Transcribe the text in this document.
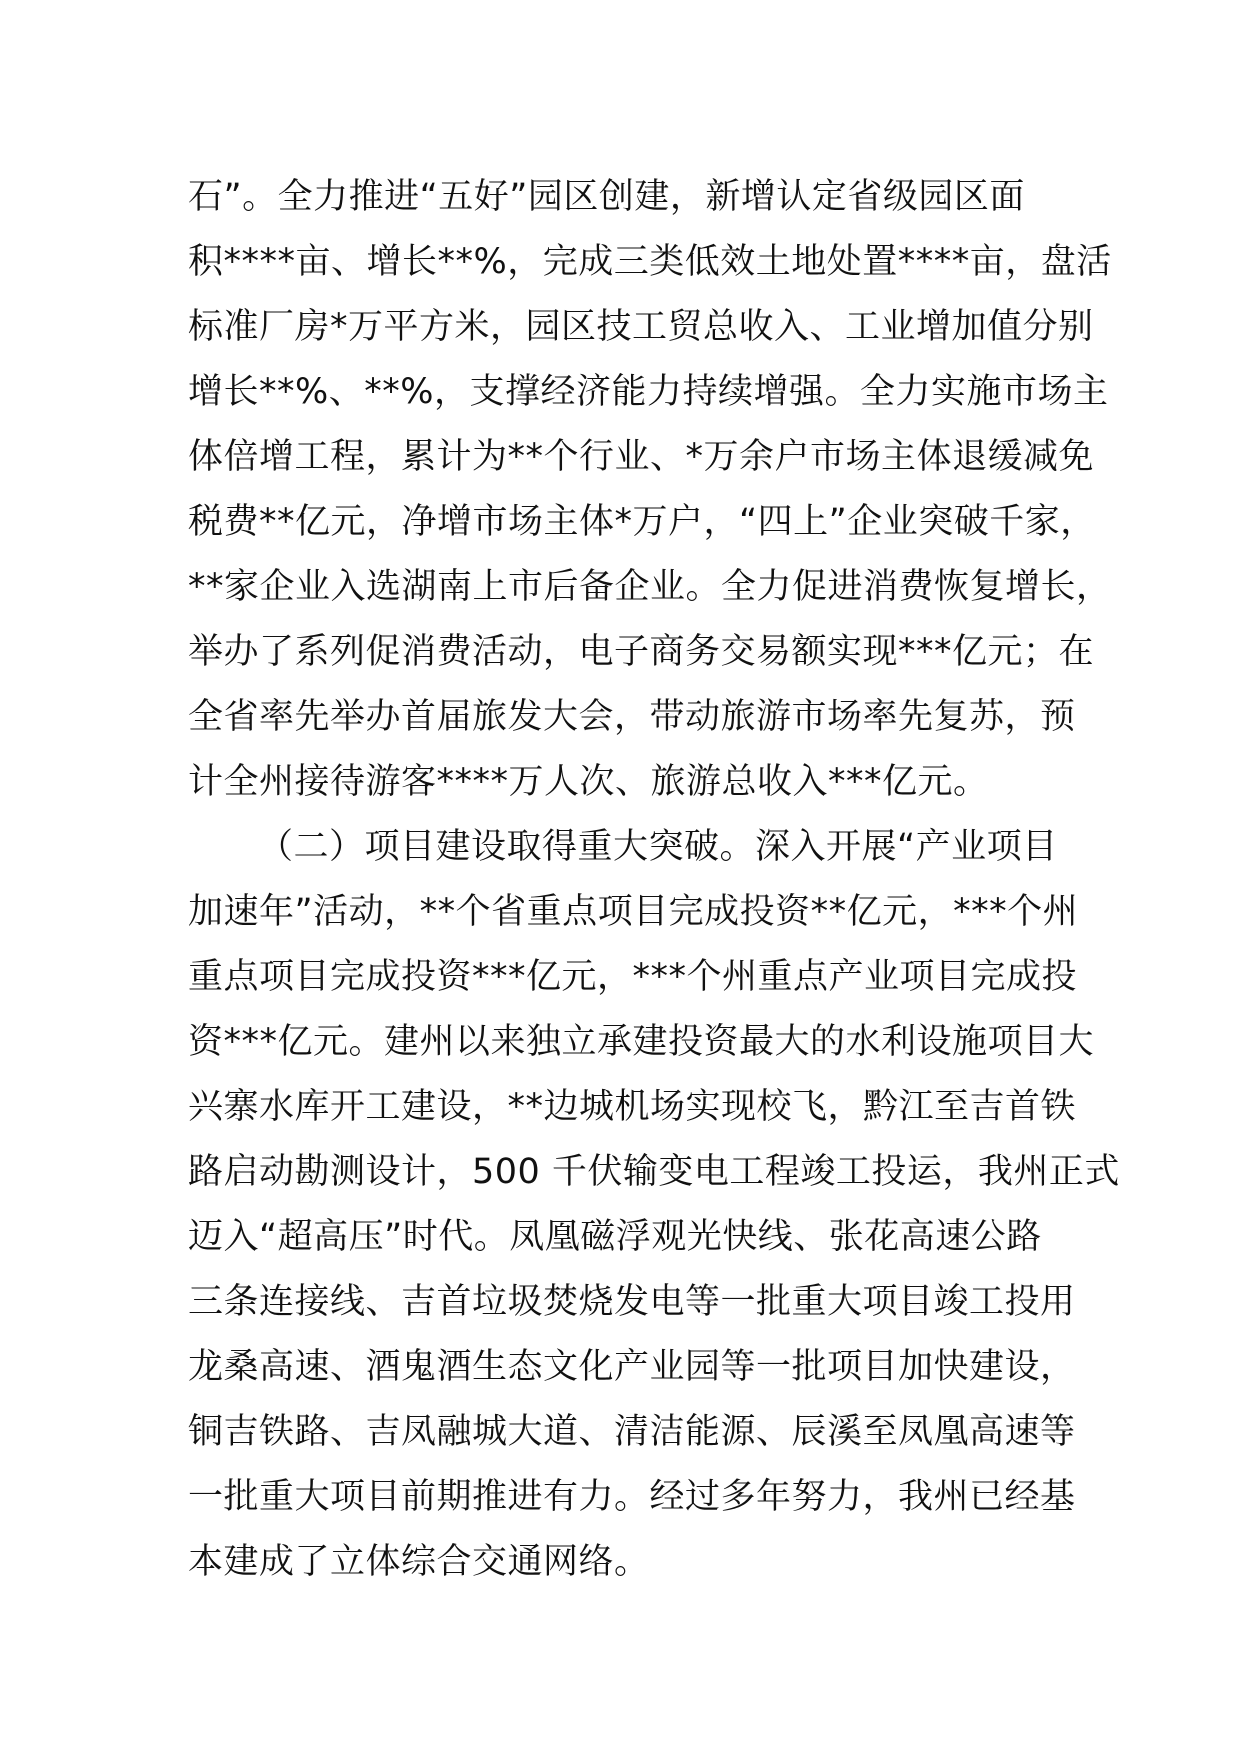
石”。全力推进“五好”园区创建，新增认定省级园区面
积****亩、增长**%，完成三类低效土地处置****亩，盘活
标准厂房*万平方米，园区技工贸总收入、工业增加值分别
增长**%、**%，支撑经济能力持续增强。全力实施市场主
体倍增工程，累计为**个行业、*万余户市场主体退缓减免
税费**亿元，净增市场主体*万户，“四上”企业突破千家，
**家企业入选湖南上市后备企业。全力促进消费恢复增长，
举办了系列促消费活动，电子商务交易额实现***亿元；在
全省率先举办首届旅发大会，带动旅游市场率先复苏，预
计全州接待游客****万人次、旅游总收入***亿元。
（二）项目建设取得重大突破。深入开展“产业项目
加速年”活动，**个省重点项目完成投资**亿元，***个州
重点项目完成投资***亿元，***个州重点产业项目完成投
资***亿元。建州以来独立承建投资最大的水利设施项目大
兴寨水库开工建设，**边城机场实现校飞，黔江至吉首铁
路启动勘测设计，500 千伏输变电工程竣工投运，我州正式
迈入“超高压”时代。凤凰磁浮观光快线、张花高速公路
三条连接线、吉首垃圾焚烧发电等一批重大项目竣工投用
龙桑高速、酒鬼酒生态文化产业园等一批项目加快建设，
铜吉铁路、吉凤融城大道、清洁能源、辰溪至凤凰高速等
一批重大项目前期推进有力。经过多年努力，我州已经基
本建成了立体综合交通网络。
